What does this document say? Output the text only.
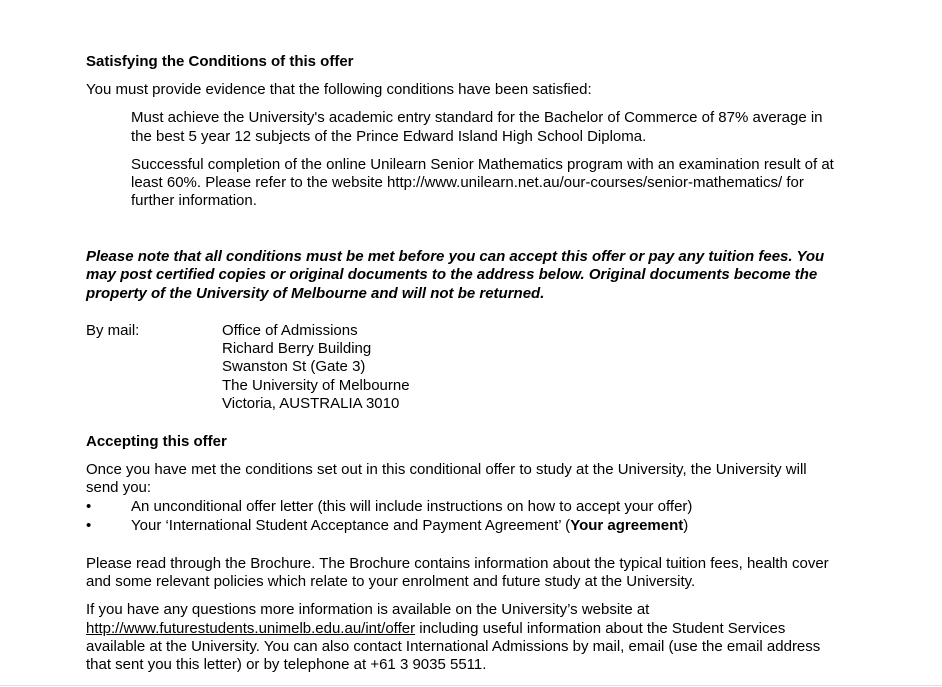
Satisfying the Conditions of this offer

You must provide evidence that the following conditions have been satisfied:

Must achieve the University's academic entry standard for the Bachelor of Commerce of 87% average in

the best 5 year 12 subjects of the Prince Edward Island High School Diploma.

Successful completion of the online Unilearn Senior Mathematics program with an examination result of at

least 60%. Please refer to the website http://www.unilearn.net.au/our-courses/senior-mathematics/ for

further information.

Please note that all conditions must be met before you can accept this offer or pay any tuition fees. You

may post certified copies or original documents to the address below. Original documents become the

property of the University of Melbourne and will not be returned.

By mail:	Office of Admissions

Richard Berry Building

Swanston St (Gate 3)

The University of Melbourne

Victoria, AUSTRALIA 3010

Accepting this offer

Once you have met the conditions set out in this conditional offer to study at the University, the University will

send you:

•	An unconditional offer letter (this will include instructions on how to accept your offer)
•	Your ‘International Student Acceptance and Payment Agreement’ (Your agreement)

Please read through the Brochure. The Brochure contains information about the typical tuition fees, health cover

and some relevant policies which relate to your enrolment and future study at the University.

If you have any questions more information is available on the University’s website at

http://www.futurestudents.unimelb.edu.au/int/offer including useful information about the Student Services

available at the University. You can also contact International Admissions by mail, email (use the email address

that sent you this letter) or by telephone at +61 3 9035 5511.
